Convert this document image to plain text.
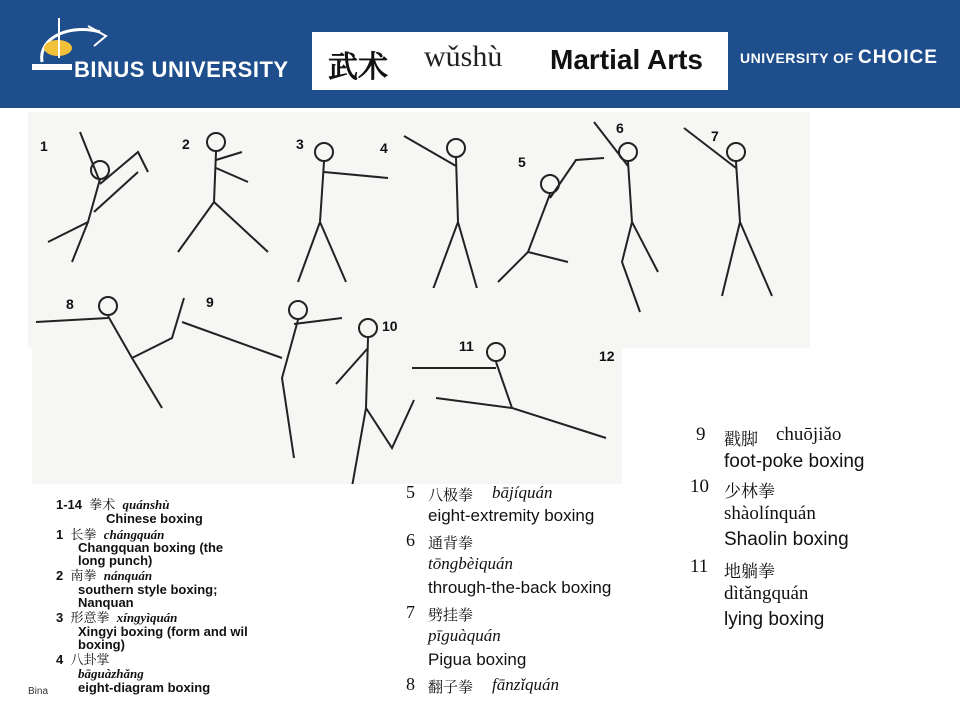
BINUS UNIVERSITY 武术 wǔshù Martial Arts	UNIVERSITY OF CHOICE
1	2	3	4
5
6	7
8	9
10
11
12
1-14 拳术 quánshù
Chinese boxing
1 长拳 chángquán
Changquan boxing (the
long punch)
2 南拳 nánquán
southern style boxing;
Nanquan
3 形意拳 xíngyìquán
Xingyi boxing (form and wil
boxing)
4 八卦掌
bāguàzhǎng
eight-diagram boxing
5 八极拳 bājíquán
eight-extremity boxing
6 通背拳
tōngbèiquán
through-the-back boxing
7 劈挂拳
pīguàquán
Pigua boxing
8 翻子拳 fānzǐquán
9 戳脚 chuōjiǎo
foot-poke boxing
10 少林拳
shàolínquán
Shaolin boxing
11 地躺拳
dìtǎngquán
lying boxing
Bina
